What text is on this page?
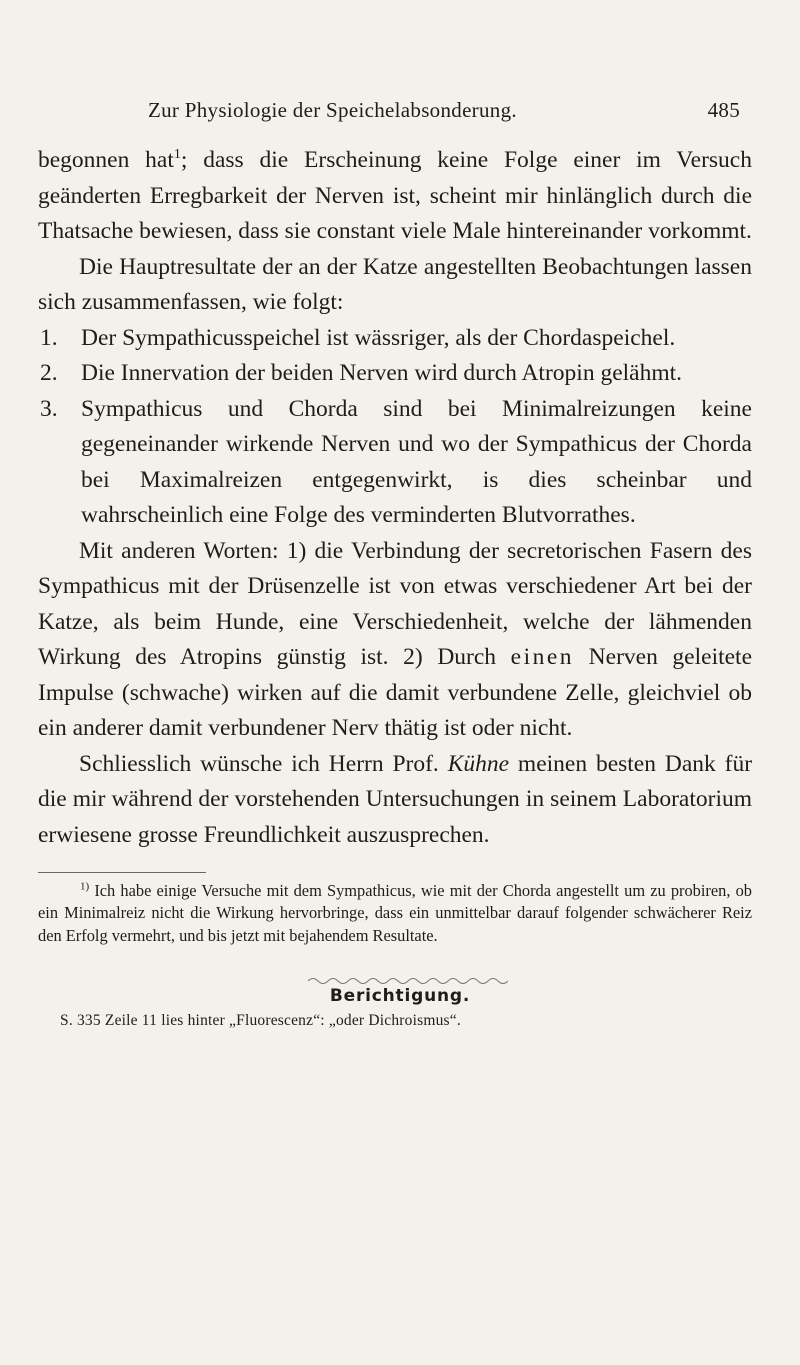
Zur Physiologie der Speichelabsonderung.	485

begonnen hat$^1$; dass die Erscheinung keine Folge einer im Versuch geänderten Erregbarkeit der Nerven ist, scheint mir hinlänglich durch die Thatsache bewiesen, dass sie constant viele Male hintereinander vorkommt.

Die Hauptresultate der an der Katze angestellten Beobachtungen lassen sich zusammenfassen, wie folgt:

1. Der Sympathicusspeichel ist wässriger, als der Chordaspeichel.
2. Die Innervation der beiden Nerven wird durch Atropin gelähmt.
3. Sympathicus und Chorda sind bei Minimalreizungen keine gegeneinander wirkende Nerven und wo der Sympathicus der Chorda bei Maximalreizen entgegenwirkt, is dies scheinbar und wahrscheinlich eine Folge des verminderten Blutvorrathes.

Mit anderen Worten: 1) die Verbindung der secretorischen Fasern des Sympathicus mit der Drüsenzelle ist von etwas verschiedener Art bei der Katze, als beim Hunde, eine Verschiedenheit, welche der lähmenden Wirkung des Atropins günstig ist. 2) Durch einen Nerven geleitete Impulse (schwache) wirken auf die damit verbundene Zelle, gleichviel ob ein anderer damit verbundener Nerv thätig ist oder nicht.

Schliesslich wünsche ich Herrn Prof. Kühne meinen besten Dank für die mir während der vorstehenden Untersuchungen in seinem Laboratorium erwiesene grosse Freundlichkeit auszusprechen.

$^{1)}$ Ich habe einige Versuche mit dem Sympathicus, wie mit der Chorda angestellt um zu probiren, ob ein Minimalreiz nicht die Wirkung hervorbringe, dass ein unmittelbar darauf folgender schwächerer Reiz den Erfolg vermehrt, und bis jetzt mit bejahendem Resultate.

Berichtigung.
S. 335 Zeile 11 lies hinter „Fluorescenz“: „oder Dichroismus“.
